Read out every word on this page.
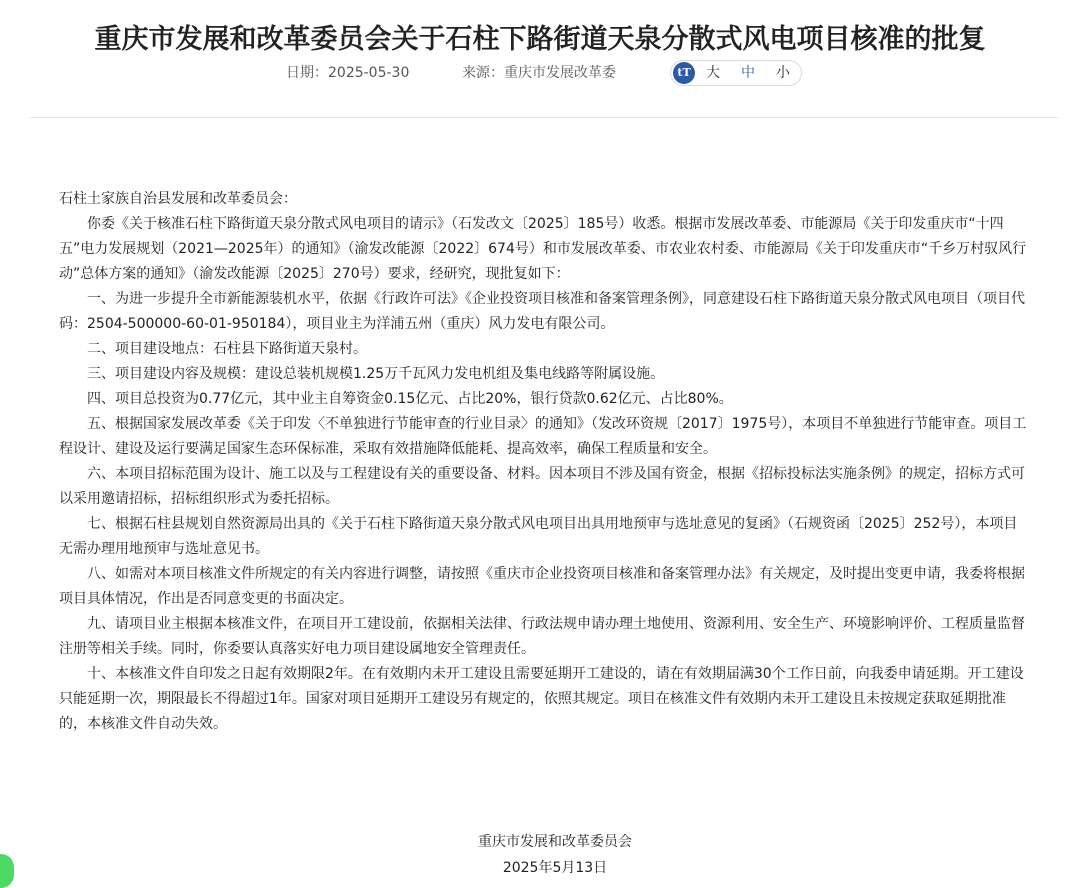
重庆市发展和改革委员会关于石柱下路街道天泉分散式风电项目核准的批复
日期：2025-05-30	来源：重庆市发展改革委	tT	大 中 小

石柱土家族自治县发展和改革委员会：

你委《关于核准石柱下路街道天泉分散式风电项目的请示》（石发改文〔2025〕185号）收悉。根据市发展改革委、市能源局《关于印发重庆市“十四五”电力发展规划（2021—2025年）的通知》（渝发改能源〔2022〕674号）和市发展改革委、市农业农村委、市能源局《关于印发重庆市“千乡万村驭风行动”总体方案的通知》（渝发改能源〔2025〕270号）要求，经研究，现批复如下：

一、为进一步提升全市新能源装机水平，依据《行政许可法》《企业投资项目核准和备案管理条例》，同意建设石柱下路街道天泉分散式风电项目（项目代码：2504-500000-60-01-950184），项目业主为洋浦五州（重庆）风力发电有限公司。

二、项目建设地点：石柱县下路街道天泉村。

三、项目建设内容及规模：建设总装机规模1.25万千瓦风力发电机组及集电线路等附属设施。

四、项目总投资为0.77亿元，其中业主自筹资金0.15亿元、占比20%，银行贷款0.62亿元、占比80%。

五、根据国家发展改革委《关于印发〈不单独进行节能审查的行业目录〉的通知》（发改环资规〔2017〕1975号），本项目不单独进行节能审查。项目工程设计、建设及运行要满足国家生态环保标准，采取有效措施降低能耗、提高效率，确保工程质量和安全。

六、本项目招标范围为设计、施工以及与工程建设有关的重要设备、材料。因本项目不涉及国有资金，根据《招标投标法实施条例》的规定，招标方式可以采用邀请招标，招标组织形式为委托招标。

七、根据石柱县规划自然资源局出具的《关于石柱下路街道天泉分散式风电项目出具用地预审与选址意见的复函》（石规资函〔2025〕252号），本项目无需办理用地预审与选址意见书。

八、如需对本项目核准文件所规定的有关内容进行调整，请按照《重庆市企业投资项目核准和备案管理办法》有关规定，及时提出变更申请，我委将根据项目具体情况，作出是否同意变更的书面决定。

九、请项目业主根据本核准文件，在项目开工建设前，依据相关法律、行政法规申请办理土地使用、资源利用、安全生产、环境影响评价、工程质量监督注册等相关手续。同时，你委要认真落实好电力项目建设属地安全管理责任。

十、本核准文件自印发之日起有效期限2年。在有效期内未开工建设且需要延期开工建设的，请在有效期届满30个工作日前，向我委申请延期。开工建设只能延期一次，期限最长不得超过1年。国家对项目延期开工建设另有规定的，依照其规定。项目在核准文件有效期内未开工建设且未按规定获取延期批准的，本核准文件自动失效。

重庆市发展和改革委员会
2025年5月13日
